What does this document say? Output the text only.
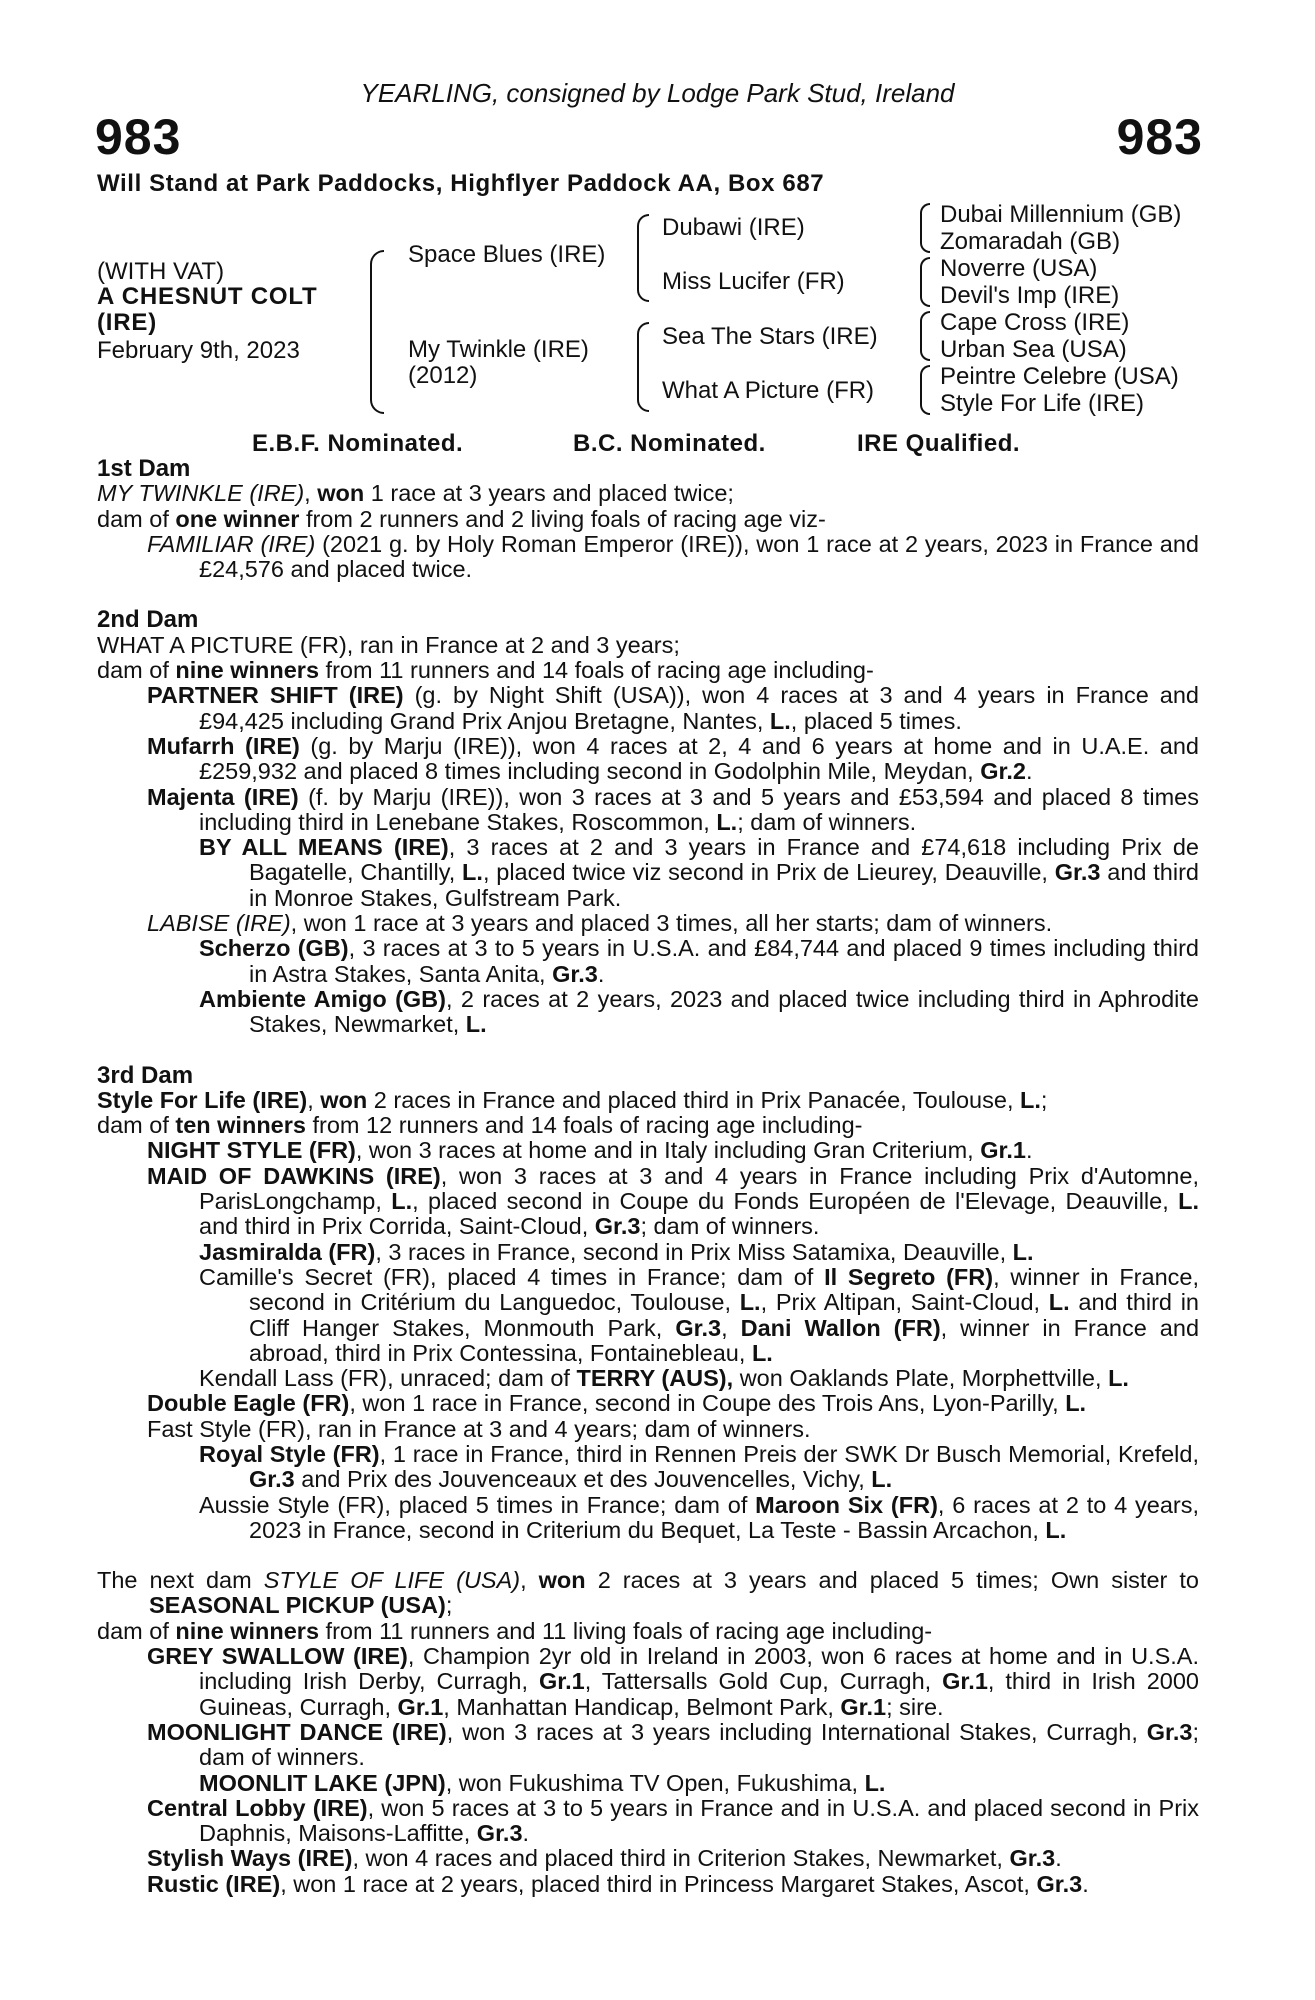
YEARLING, consigned by Lodge Park Stud, Ireland
983	983
Will Stand at Park Paddocks, Highflyer Paddock AA, Box 687
(WITH VAT)
A CHESNUT COLT
(IRE)
February 9th, 2023
Space Blues (IRE)
My Twinkle (IRE)
(2012)
Dubawi (IRE)
Miss Lucifer (FR)
Sea The Stars (IRE)
What A Picture (FR)
Dubai Millennium (GB)
Zomaradah (GB)
Noverre (USA)
Devil's Imp (IRE)
Cape Cross (IRE)
Urban Sea (USA)
Peintre Celebre (USA)
Style For Life (IRE)
E.B.F. Nominated.	B.C. Nominated.	IRE Qualified.

1st Dam

MY TWINKLE (IRE), won 1 race at 3 years and placed twice;

dam of one winner from 2 runners and 2 living foals of racing age viz-

FAMILIAR (IRE) (2021 g. by Holy Roman Emperor (IRE)), won 1 race at 2 years, 2023 in France and £24,576 and placed twice.

2nd Dam

WHAT A PICTURE (FR), ran in France at 2 and 3 years;

dam of nine winners from 11 runners and 14 foals of racing age including-

PARTNER SHIFT (IRE) (g. by Night Shift (USA)), won 4 races at 3 and 4 years in France and £94,425 including Grand Prix Anjou Bretagne, Nantes, L., placed 5 times.

Mufarrh (IRE) (g. by Marju (IRE)), won 4 races at 2, 4 and 6 years at home and in U.A.E. and £259,932 and placed 8 times including second in Godolphin Mile, Meydan, Gr.2.

Majenta (IRE) (f. by Marju (IRE)), won 3 races at 3 and 5 years and £53,594 and placed 8 times including third in Lenebane Stakes, Roscommon, L.; dam of winners.

BY ALL MEANS (IRE), 3 races at 2 and 3 years in France and £74,618 including Prix de Bagatelle, Chantilly, L., placed twice viz second in Prix de Lieurey, Deauville, Gr.3 and third in Monroe Stakes, Gulfstream Park.

LABISE (IRE), won 1 race at 3 years and placed 3 times, all her starts; dam of winners.

Scherzo (GB), 3 races at 3 to 5 years in U.S.A. and £84,744 and placed 9 times including third in Astra Stakes, Santa Anita, Gr.3.

Ambiente Amigo (GB), 2 races at 2 years, 2023 and placed twice including third in Aphrodite Stakes, Newmarket, L.

3rd Dam

Style For Life (IRE), won 2 races in France and placed third in Prix Panacée, Toulouse, L.;

dam of ten winners from 12 runners and 14 foals of racing age including-

NIGHT STYLE (FR), won 3 races at home and in Italy including Gran Criterium, Gr.1.

MAID OF DAWKINS (IRE), won 3 races at 3 and 4 years in France including Prix d'Automne, ParisLongchamp, L., placed second in Coupe du Fonds Européen de l'Elevage, Deauville, L. and third in Prix Corrida, Saint-Cloud, Gr.3; dam of winners.

Jasmiralda (FR), 3 races in France, second in Prix Miss Satamixa, Deauville, L.

Camille's Secret (FR), placed 4 times in France; dam of Il Segreto (FR), winner in France, second in Critérium du Languedoc, Toulouse, L., Prix Altipan, Saint-Cloud, L. and third in Cliff Hanger Stakes, Monmouth Park, Gr.3, Dani Wallon (FR), winner in France and abroad, third in Prix Contessina, Fontainebleau, L.

Kendall Lass (FR), unraced; dam of TERRY (AUS), won Oaklands Plate, Morphettville, L.

Double Eagle (FR), won 1 race in France, second in Coupe des Trois Ans, Lyon-Parilly, L.

Fast Style (FR), ran in France at 3 and 4 years; dam of winners.

Royal Style (FR), 1 race in France, third in Rennen Preis der SWK Dr Busch Memorial, Krefeld, Gr.3 and Prix des Jouvenceaux et des Jouvencelles, Vichy, L.

Aussie Style (FR), placed 5 times in France; dam of Maroon Six (FR), 6 races at 2 to 4 years, 2023 in France, second in Criterium du Bequet, La Teste - Bassin Arcachon, L.

The next dam STYLE OF LIFE (USA), won 2 races at 3 years and placed 5 times; Own sister to SEASONAL PICKUP (USA);

dam of nine winners from 11 runners and 11 living foals of racing age including-

GREY SWALLOW (IRE), Champion 2yr old in Ireland in 2003, won 6 races at home and in U.S.A. including Irish Derby, Curragh, Gr.1, Tattersalls Gold Cup, Curragh, Gr.1, third in Irish 2000 Guineas, Curragh, Gr.1, Manhattan Handicap, Belmont Park, Gr.1; sire.

MOONLIGHT DANCE (IRE), won 3 races at 3 years including International Stakes, Curragh, Gr.3; dam of winners.

MOONLIT LAKE (JPN), won Fukushima TV Open, Fukushima, L.

Central Lobby (IRE), won 5 races at 3 to 5 years in France and in U.S.A. and placed second in Prix Daphnis, Maisons-Laffitte, Gr.3.

Stylish Ways (IRE), won 4 races and placed third in Criterion Stakes, Newmarket, Gr.3.

Rustic (IRE), won 1 race at 2 years, placed third in Princess Margaret Stakes, Ascot, Gr.3.
